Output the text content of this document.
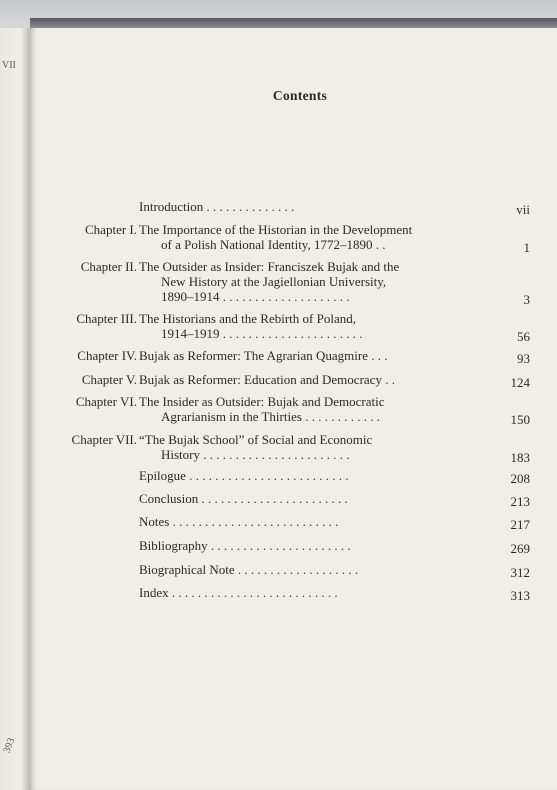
VII
393
Contents
Introduction . . . . . . . . . . . . . .	vii
Chapter I. The Importance of the Historian in the Development
of a Polish National Identity, 1772–1890 . .	1
Chapter II. The Outsider as Insider: Franciszek Bujak and the
New History at the Jagiellonian University,
1890–1914 . . . . . . . . . . . . . . . . . . . .	3
Chapter III. The Historians and the Rebirth of Poland,
1914–1919 . . . . . . . . . . . . . . . . . . . . . .	56
Chapter IV. Bujak as Reformer: The Agrarian Quagmire . . .	93
Chapter V. Bujak as Reformer: Education and Democracy . .	124
Chapter VI. The Insider as Outsider: Bujak and Democratic
Agrarianism in the Thirties . . . . . . . . . . . .	150
Chapter VII. “The Bujak School” of Social and Economic
History . . . . . . . . . . . . . . . . . . . . . . .	183
Epilogue . . . . . . . . . . . . . . . . . . . . . . . . .	208
Conclusion . . . . . . . . . . . . . . . . . . . . . . .	213
Notes . . . . . . . . . . . . . . . . . . . . . . . . . .	217
Bibliography . . . . . . . . . . . . . . . . . . . . . .	269
Biographical Note . . . . . . . . . . . . . . . . . . .	312
Index . . . . . . . . . . . . . . . . . . . . . . . . . .	313
